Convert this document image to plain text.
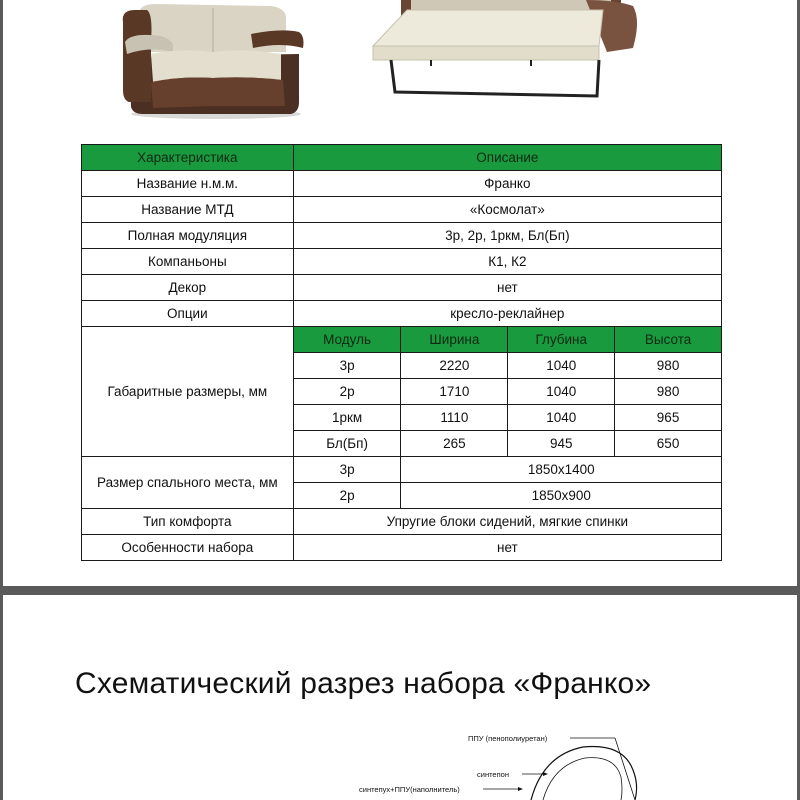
Характеристика	Описание			
Название н.м.м.	Франко			
Название МТД	«Космолат»			
Полная модуляция	3р, 2р, 1ркм, Бл(Бп)			
Компаньоны	К1, К2			
Декор	нет			
Опции	кресло-реклайнер			
Габаритные размеры, мм	Модуль	Ширина	Глубина	Высота
	3р	2220	1040	980
	2р	1710	1040	980
	1ркм	1110	1040	965
	Бл(Бп)	265	945	650
Размер спального места, мм	3р	1850x1400		
	2р	1850x900		
Тип комфорта	Упругие блоки сидений, мягкие спинки			
Особенности набора	нет			
Схематический разрез набора «Франко»
ППУ (пенополиуретан)
синтепон
синтепух+ППУ(наполнитель)
